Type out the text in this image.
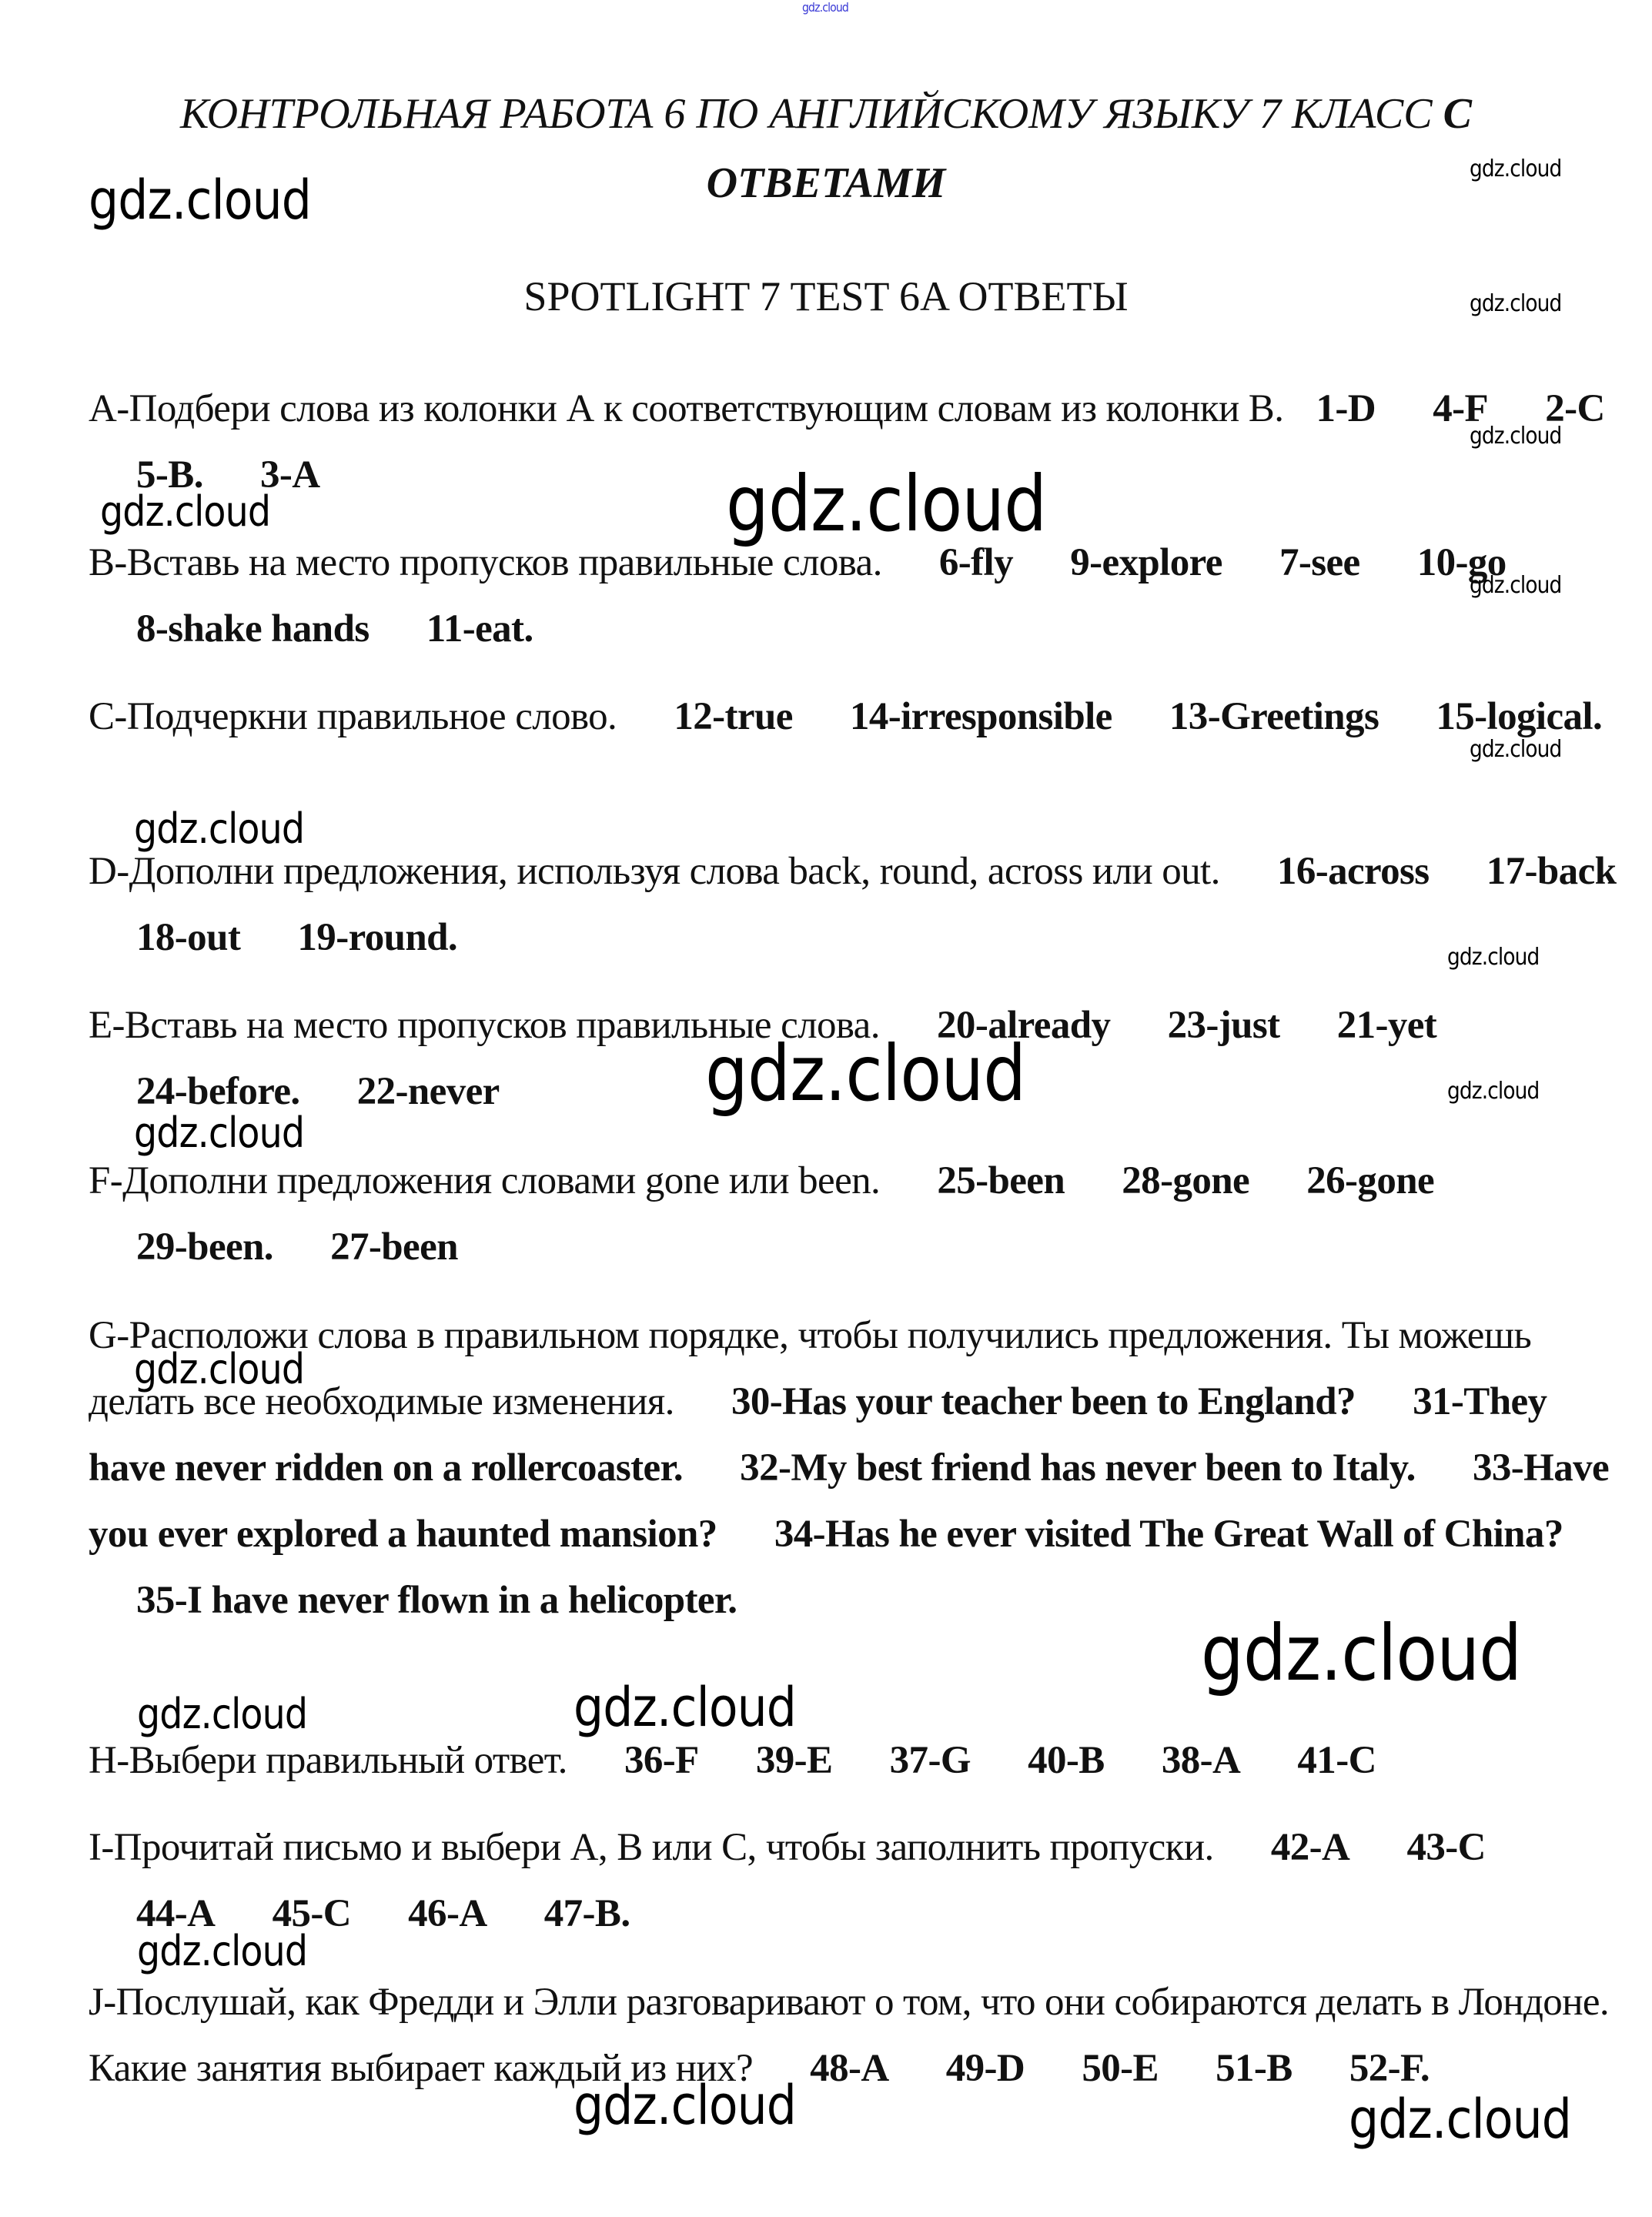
КОНТРОЛЬНАЯ РАБОТА 6 ПО АНГЛИЙСКОМУ ЯЗЫКУ 7 КЛАСС С
ОТВЕТАМИ
SPOTLIGHT 7 TEST 6A ОТВЕТЫ
A-Подбери слова из колонки А к соответствующим словам из колонки B. 1-D 4-F 2-C 5-B. 3-A
B-Вставь на место пропусков правильные слова. 6-fly 9-explore 7-see 10-go 8-shake hands 11-eat.
C-Подчеркни правильное слово. 12-true 14-irresponsible 13-Greetings 15-logical.
D-Дополни предложения, используя слова back, round, across или out. 16-across 17-back 18-out 19-round.
E-Вставь на место пропусков правильные слова. 20-already 23-just 21-yet 24-before. 22-never
F-Дополни предложения словами gone или been. 25-been 28-gone 26-gone 29-been. 27-been
G-Расположи слова в правильном порядке, чтобы получились предложения. Ты можешь делать все необходимые изменения. 30-Has your teacher been to England? 31-They have never ridden on a rollercoaster. 32-My best friend has never been to Italy. 33-Have you ever explored a haunted mansion? 34-Has he ever visited The Great Wall of China? 35-I have never flown in a helicopter.
H-Выбери правильный ответ. 36-F 39-E 37-G 40-B 38-A 41-C
I-Прочитай письмо и выбери A, B или C, чтобы заполнить пропуски. 42-A 43-C 44-A 45-C 46-A 47-B.
J-Послушай, как Фредди и Элли разговаривают о том, что они собираются делать в Лондоне. Какие занятия выбирает каждый из них? 48-A 49-D 50-E 51-B 52-F.
gdz.cloud
gdz.cloud	gdz.cloud
gdz.cloud
gdz.cloud
gdz.cloud	gdz.cloud
gdz.cloud
gdz.cloud
gdz.cloud
gdz.cloud
gdz.cloud	gdz.cloud
gdz.cloud
gdz.cloud
gdz.cloud
gdz.cloud	gdz.cloud
gdz.cloud
gdz.cloud	gdz.cloud
